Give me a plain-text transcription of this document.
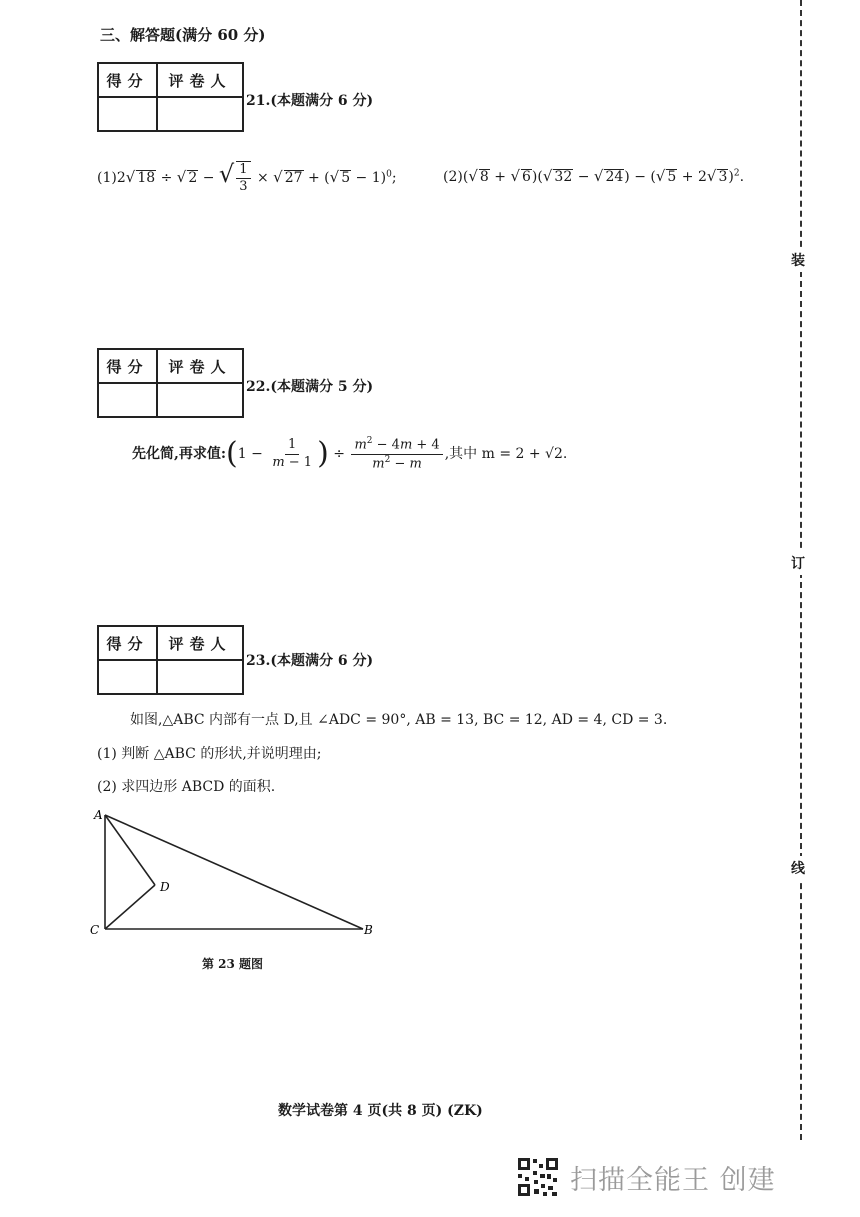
三、解答题(满分 60 分)
得分	评卷人
21.(本题满分 6 分)
(1)2√ 18 ÷ √ 2 − √ $\frac{1}{3}$ × √ 27 + (√ 5 − 1)$^0$;	(2)(√ 8 + √ 6)(√ 32 − √ 24) − (√ 5 + 2√ 3)$^2$.
得分	评卷人
22.(本题满分 5 分)
先化简,再求值:(1 − $\frac{1}{m - 1}$ ) ÷ $\frac{m^2 - 4m + 4}{m^2 - m}$ ,其中 m = 2 + √2.
得分	评卷人
23.(本题满分 6 分)
如图,△ABC 内部有一点 D,且 ∠ADC = 90°, AB = 13, BC = 12, AD = 4, CD = 3.
(1) 判断 △ABC 的形状,并说明理由;
(2) 求四边形 ABCD 的面积.
A
C	B
D
第 23 题图
数学试卷第 4 页(共 8 页) (ZK)
装
订
线
扫描全能王 创建
